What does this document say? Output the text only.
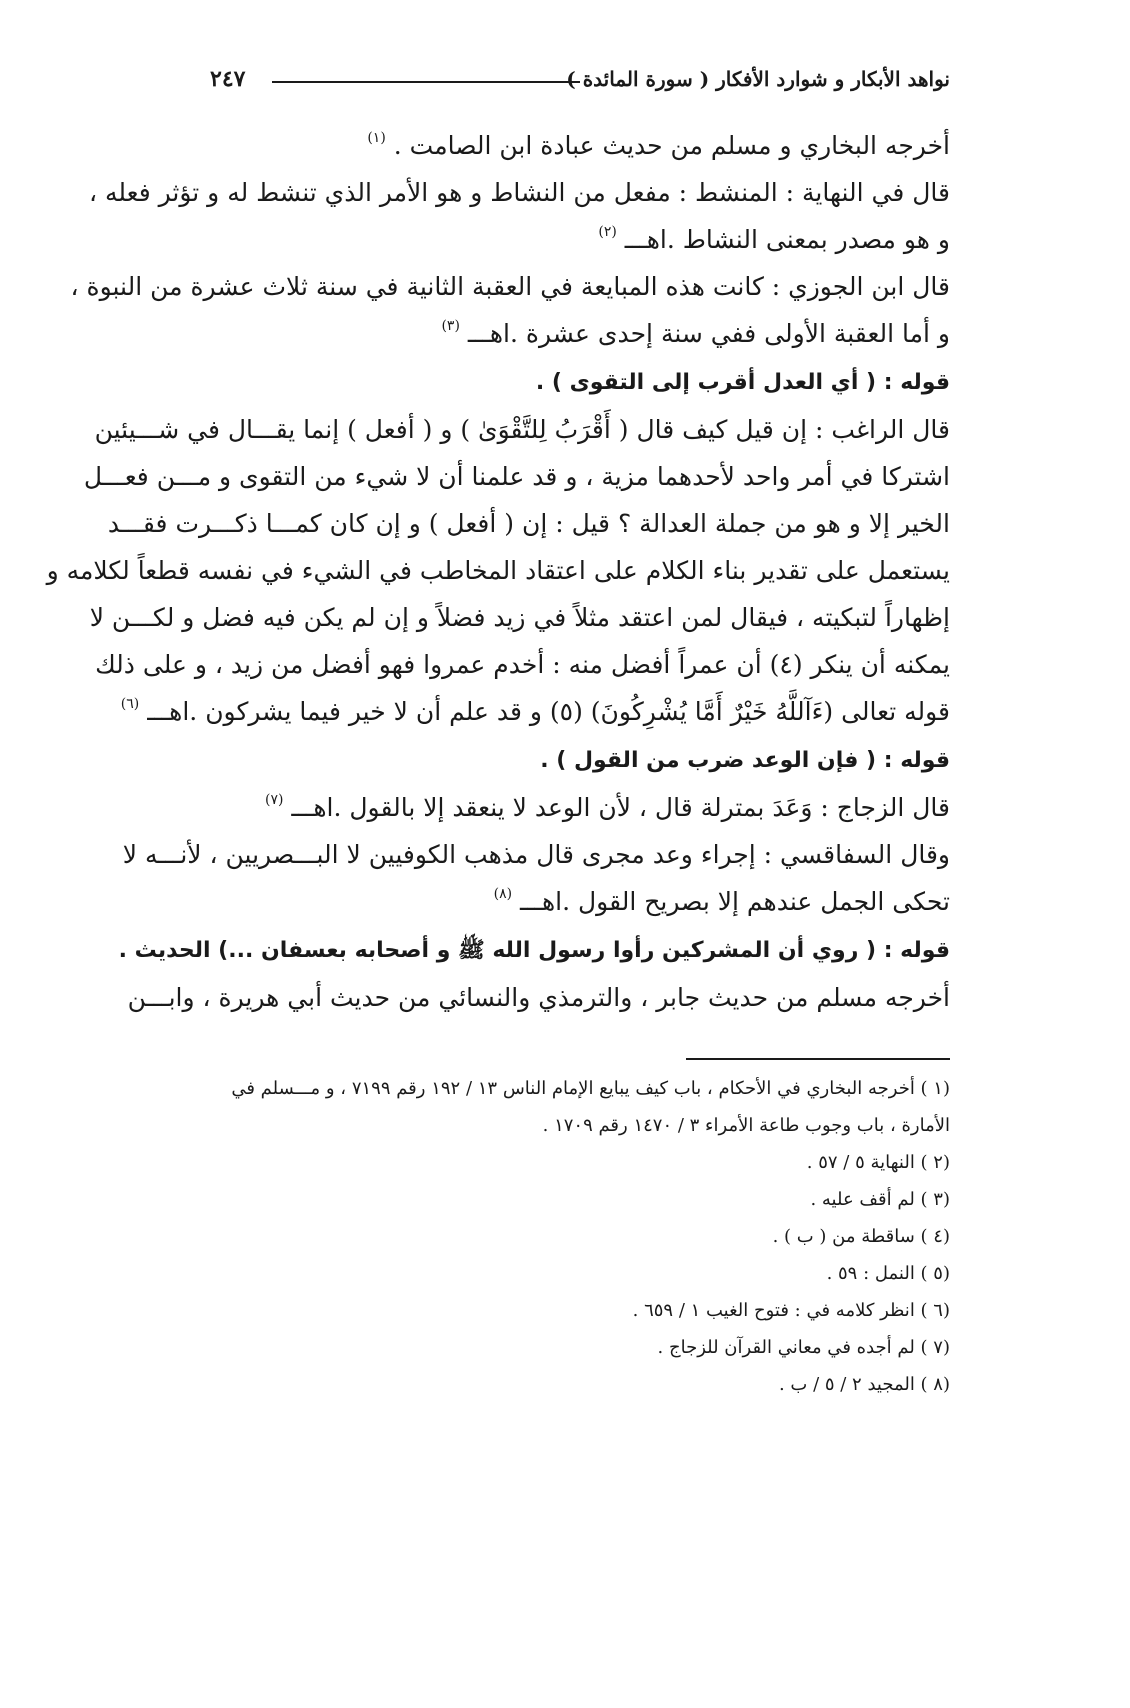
٢٤٧	نواهد الأبكار و شوارد الأفكار ( سورة المائدة )

أخرجه البخاري و مسلم من حديث عبادة ابن الصامت . $^{(١)}$

قال في النهاية : المنشط : مفعل من النشاط و هو الأمر الذي تنشط له و تؤثر فعله ،

و هو مصدر بمعنى النشاط .اهـــ $^{(٢)}$

قال ابن الجوزي : كانت هذه المبايعة في العقبة الثانية في سنة ثلاث عشرة من النبوة ،

و أما العقبة الأولى ففي سنة إحدى عشرة .اهـــ $^{(٣)}$

قوله : ( أي العدل أقرب إلى التقوى ) .

قال الراغب : إن قيل كيف قال ( أَقْرَبُ لِلتَّقْوَىٰ ) و ( أفعل ) إنما يقـــال في شـــيئين

اشتركا في أمر واحد لأحدهما مزية ، و قد علمنا أن لا شيء من التقوى و مـــن فعـــل

الخير إلا و هو من جملة العدالة ؟ قيل : إن ( أفعل ) و إن كان كمـــا ذكـــرت فقـــد

يستعمل على تقدير بناء الكلام على اعتقاد المخاطب في الشيء في نفسه قطعاً لكلامه و

إظهاراً لتبكيته ، فيقال لمن اعتقد مثلاً في زيد فضلاً و إن لم يكن فيه فضل و لكـــن لا

يمكنه أن ينكر (٤) أن عمراً أفضل منه : أخدم عمروا فهو أفضل من زيد ، و على ذلك

قوله تعالى (ءَآللَّهُ خَيْرٌ أَمَّا يُشْرِكُونَ) (٥) و قد علم أن لا خير فيما يشركون .اهـــ $^{(٦)}$

قوله : ( فإن الوعد ضرب من القول ) .

قال الزجاج : وَعَدَ بمترلة قال ، لأن الوعد لا ينعقد إلا بالقول .اهـــ $^{(٧)}$

وقال السفاقسي : إجراء وعد مجرى قال مذهب الكوفيين لا البـــصريين ، لأنـــه لا

تحكى الجمل عندهم إلا بصريح القول .اهـــ $^{(٨)}$

قوله : ( روي أن المشركين رأوا رسول الله ﷺ و أصحابه بعسفان ...) الحديث .

أخرجه مسلم من حديث جابر ، والترمذي والنسائي من حديث أبي هريرة ، وابـــن

(١ ) أخرجه البخاري في الأحكام ، باب كيف يبايع الإمام الناس ١٣ / ١٩٢ رقم ٧١٩٩ ، و مـــسلم في

الأمارة ، باب وجوب طاعة الأمراء ٣ / ١٤٧٠ رقم ١٧٠٩ .

(٢ ) النهاية ٥ / ٥٧ .

(٣ ) لم أقف عليه .

(٤ ) ساقطة من ( ب ) .

(٥ ) النمل : ٥٩ .

(٦ ) انظر كلامه في : فتوح الغيب ١ / ٦٥٩ .

(٧ ) لم أجده في معاني القرآن للزجاج .

(٨ ) المجيد ٢ / ٥ / ب .
